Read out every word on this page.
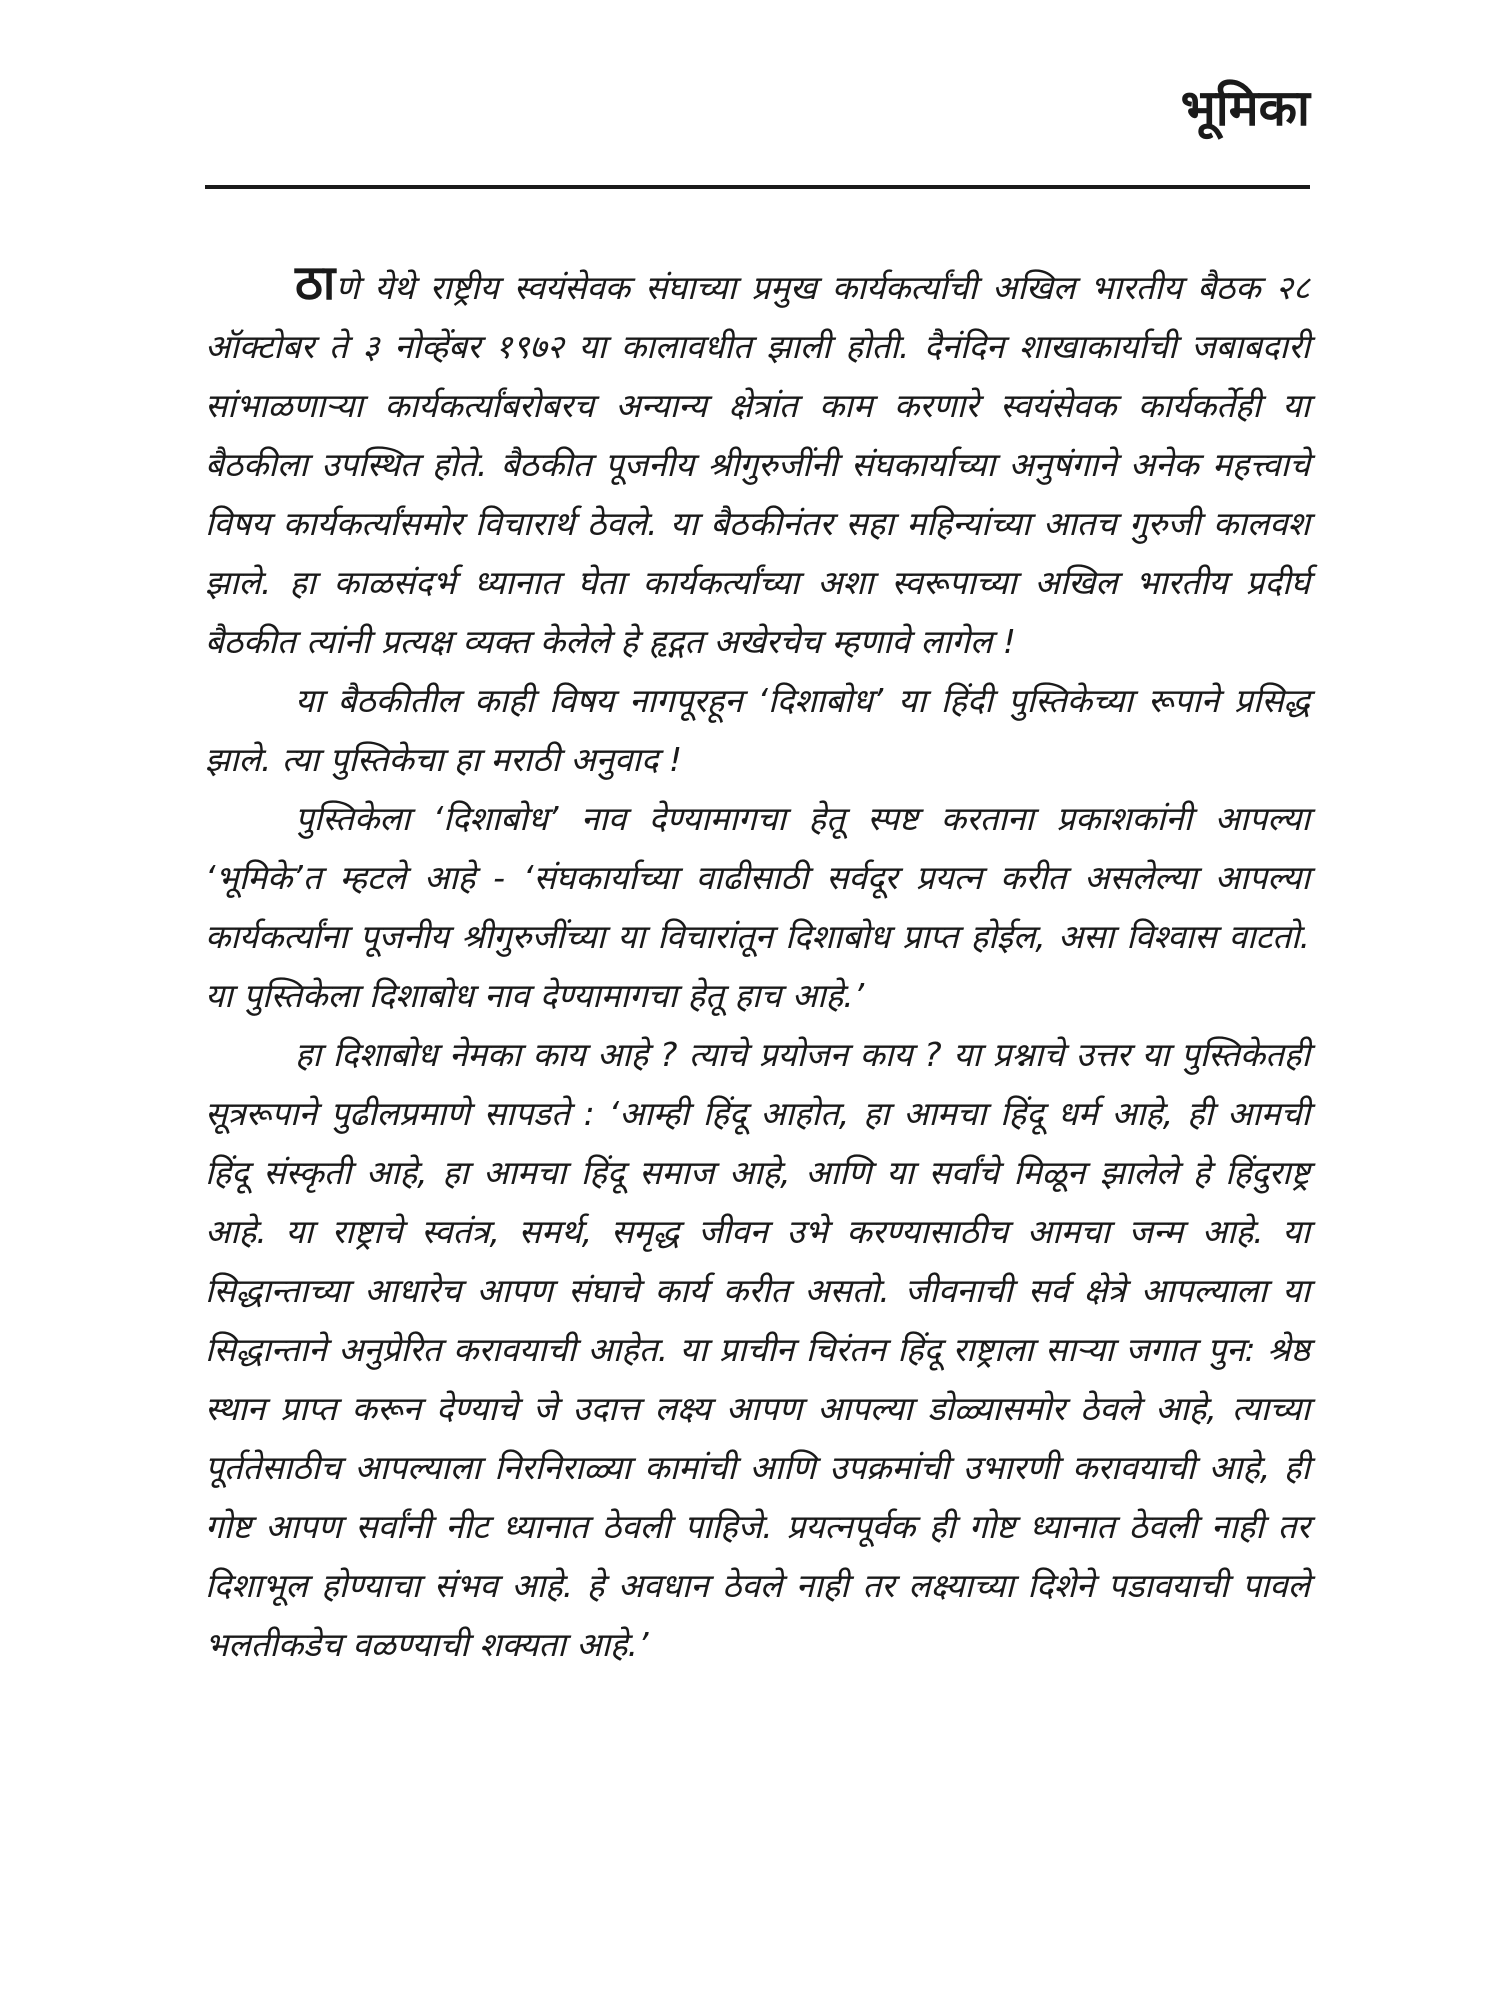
भूमिका

ठाणे येथे राष्ट्रीय स्वयंसेवक संघाच्या प्रमुख कार्यकर्त्यांची अखिल भारतीय बैठक २८ ऑक्टोबर ते ३ नोव्हेंबर १९७२ या कालावधीत झाली होती. दैनंदिन शाखाकार्याची जबाबदारी सांभाळणाऱ्या कार्यकर्त्यांबरोबरच अन्यान्य क्षेत्रांत काम करणारे स्वयंसेवक कार्यकर्तेही या बैठकीला उपस्थित होते. बैठकीत पूजनीय श्रीगुरुजींनी संघकार्याच्या अनुषंगाने अनेक महत्त्वाचे विषय कार्यकर्त्यांसमोर विचारार्थ ठेवले. या बैठकीनंतर सहा महिन्यांच्या आतच गुरुजी कालवश झाले. हा काळसंदर्भ ध्यानात घेता कार्यकर्त्यांच्या अशा स्वरूपाच्या अखिल भारतीय प्रदीर्घ बैठकीत त्यांनी प्रत्यक्ष व्यक्त केलेले हे हृद्गत अखेरचेच म्हणावे लागेल !

या बैठकीतील काही विषय नागपूरहून ‘दिशाबोध’ या हिंदी पुस्तिकेच्या रूपाने प्रसिद्ध झाले. त्या पुस्तिकेचा हा मराठी अनुवाद !

पुस्तिकेला ‘दिशाबोध’ नाव देण्यामागचा हेतू स्पष्ट करताना प्रकाशकांनी आपल्या ‘भूमिके’त म्हटले आहे - ‘संघकार्याच्या वाढीसाठी सर्वदूर प्रयत्न करीत असलेल्या आपल्या कार्यकर्त्यांना पूजनीय श्रीगुरुजींच्या या विचारांतून दिशाबोध प्राप्त होईल, असा विश्वास वाटतो. या पुस्तिकेला दिशाबोध नाव देण्यामागचा हेतू हाच आहे.’

हा दिशाबोध नेमका काय आहे ? त्याचे प्रयोजन काय ? या प्रश्नाचे उत्तर या पुस्तिकेतही सूत्ररूपाने पुढीलप्रमाणे सापडते : ‘आम्ही हिंदू आहोत, हा आमचा हिंदू धर्म आहे, ही आमची हिंदू संस्कृती आहे, हा आमचा हिंदू समाज आहे, आणि या सर्वांचे मिळून झालेले हे हिंदुराष्ट्र आहे. या राष्ट्राचे स्वतंत्र, समर्थ, समृद्ध जीवन उभे करण्यासाठीच आमचा जन्म आहे. या सिद्धान्ताच्या आधारेच आपण संघाचे कार्य करीत असतो. जीवनाची सर्व क्षेत्रे आपल्याला या सिद्धान्ताने अनुप्रेरित करावयाची आहेत. या प्राचीन चिरंतन हिंदू राष्ट्राला साऱ्या जगात पुन: श्रेष्ठ स्थान प्राप्त करून देण्याचे जे उदात्त लक्ष्य आपण आपल्या डोळ्यासमोर ठेवले आहे, त्याच्या पूर्ततेसाठीच आपल्याला निरनिराळ्या कामांची आणि उपक्रमांची उभारणी करावयाची आहे, ही गोष्ट आपण सर्वांनी नीट ध्यानात ठेवली पाहिजे. प्रयत्नपूर्वक ही गोष्ट ध्यानात ठेवली नाही तर दिशाभूल होण्याचा संभव आहे. हे अवधान ठेवले नाही तर लक्ष्याच्या दिशेने पडावयाची पावले भलतीकडेच वळण्याची शक्यता आहे.’
